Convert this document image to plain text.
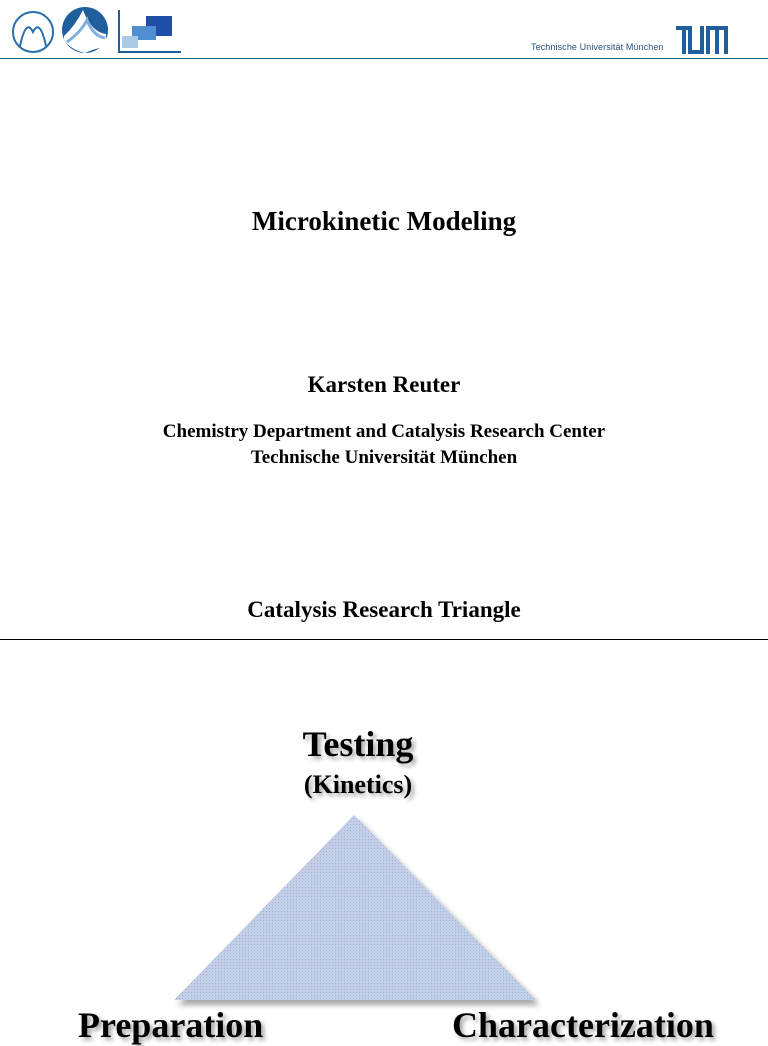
Technische Universität München
Microkinetic Modeling
Karsten Reuter
Chemistry Department and Catalysis Research Center
Technische Universität München
Catalysis Research Triangle
Testing
(Kinetics)
Preparation	Characterization
